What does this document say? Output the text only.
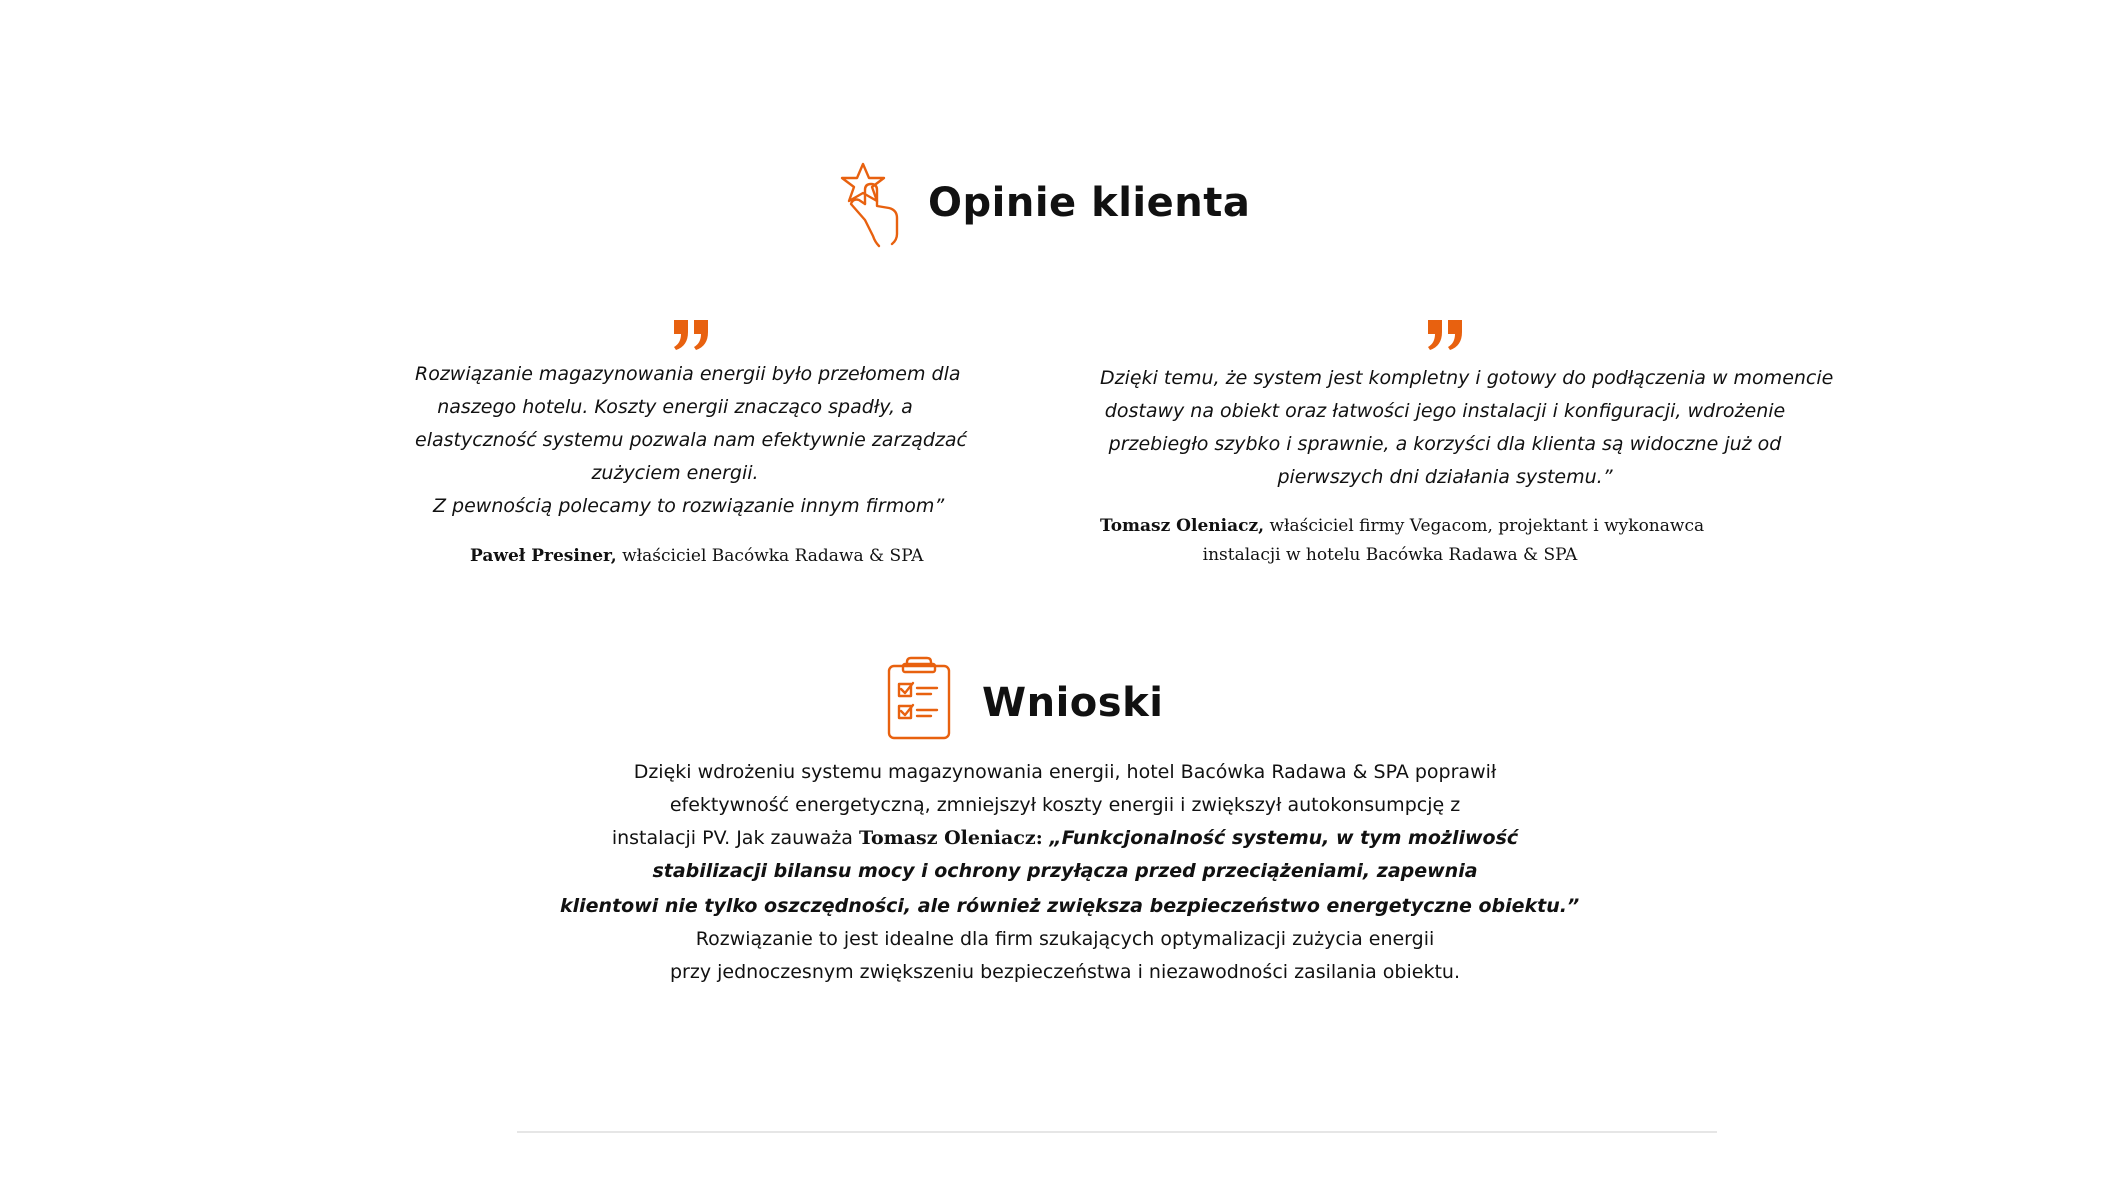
Opinie klienta
Rozwiązanie magazynowania energii było przełomem dla
naszego hotelu. Koszty energii znacząco spadły, a
elastyczność systemu pozwala nam efektywnie zarządzać
zużyciem energii.
Z pewnością polecamy to rozwiązanie innym firmom”
Paweł Presiner, właściciel Bacówka Radawa & SPA
Dzięki temu, że system jest kompletny i gotowy do podłączenia w momencie
dostawy na obiekt oraz łatwości jego instalacji i konfiguracji, wdrożenie
przebiegło szybko i sprawnie, a korzyści dla klienta są widoczne już od
pierwszych dni działania systemu.”
Tomasz Oleniacz, właściciel firmy Vegacom, projektant i wykonawca
instalacji w hotelu Bacówka Radawa & SPA
Wnioski
Dzięki wdrożeniu systemu magazynowania energii, hotel Bacówka Radawa & SPA poprawił
efektywność energetyczną, zmniejszył koszty energii i zwiększył autokonsumpcję z
instalacji PV. Jak zauważa Tomasz Oleniacz: „Funkcjonalność systemu, w tym możliwość
stabilizacji bilansu mocy i ochrony przyłącza przed przeciążeniami, zapewnia
klientowi nie tylko oszczędności, ale również zwiększa bezpieczeństwo energetyczne obiektu.”
Rozwiązanie to jest idealne dla firm szukających optymalizacji zużycia energii
przy jednoczesnym zwiększeniu bezpieczeństwa i niezawodności zasilania obiektu.
